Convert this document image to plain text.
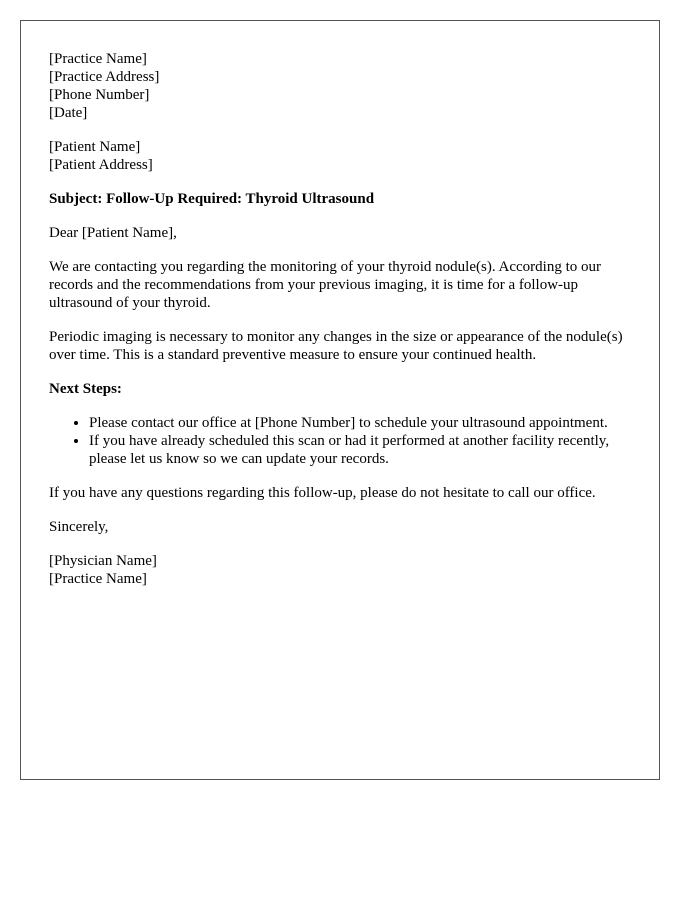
[Practice Name]
[Practice Address]
[Phone Number]
[Date]
[Patient Name]
[Patient Address]

Subject: Follow-Up Required: Thyroid Ultrasound

Dear [Patient Name],

We are contacting you regarding the monitoring of your thyroid nodule(s). According to our records and the recommendations from your previous imaging, it is time for a follow-up ultrasound of your thyroid.

Periodic imaging is necessary to monitor any changes in the size or appearance of the nodule(s) over time. This is a standard preventive measure to ensure your continued health.

Next Steps:

• Please contact our office at [Phone Number] to schedule your ultrasound appointment.
• If you have already scheduled this scan or had it performed at another facility recently, please let us know so we can update your records.

If you have any questions regarding this follow-up, please do not hesitate to call our office.

Sincerely,

[Physician Name]
[Practice Name]
